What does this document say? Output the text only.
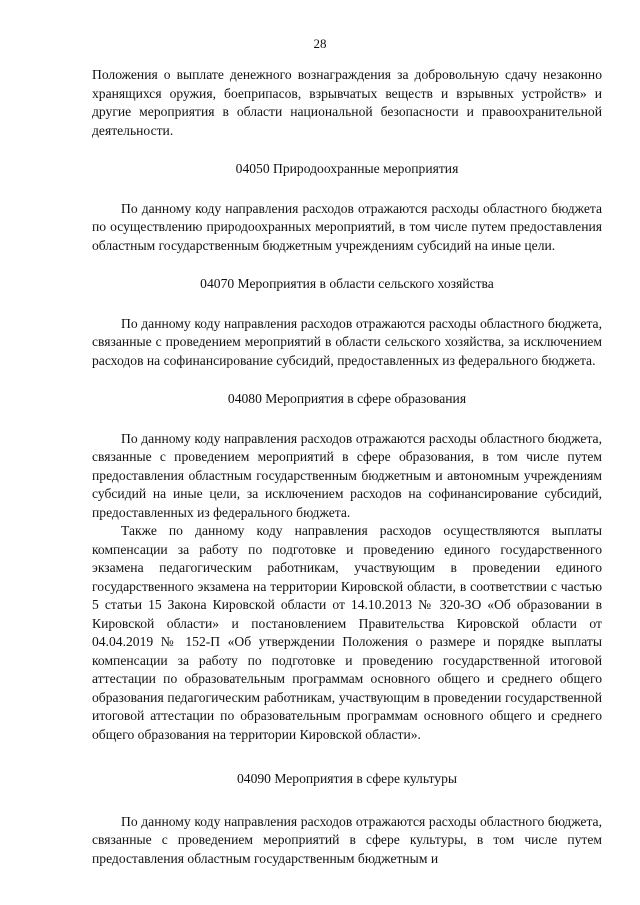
28

Положения о выплате денежного вознаграждения за добровольную сдачу незаконно хранящихся оружия, боеприпасов, взрывчатых веществ и взрывных устройств» и другие мероприятия в области национальной безопасности и правоохранительной деятельности.

04050 Природоохранные мероприятия

По данному коду направления расходов отражаются расходы областного бюджета по осуществлению природоохранных мероприятий, в том числе путем предоставления областным государственным бюджетным учреждениям субсидий на иные цели.

04070 Мероприятия в области сельского хозяйства

По данному коду направления расходов отражаются расходы областного бюджета, связанные с проведением мероприятий в области сельского хозяйства, за исключением расходов на софинансирование субсидий, предоставленных из федерального бюджета.

04080 Мероприятия в сфере образования

По данному коду направления расходов отражаются расходы областного бюджета, связанные с проведением мероприятий в сфере образования, в том числе путем предоставления областным государственным бюджетным и автономным учреждениям субсидий на иные цели, за исключением расходов на софинансирование субсидий, предоставленных из федерального бюджета.

Также по данному коду направления расходов осуществляются выплаты компенсации за работу по подготовке и проведению единого государственного экзамена педагогическим работникам, участвующим в проведении единого государственного экзамена на территории Кировской области, в соответствии с частью 5 статьи 15 Закона Кировской области от 14.10.2013 № 320-ЗО «Об образовании в Кировской области» и постановлением Правительства Кировской области от 04.04.2019 № 152-П «Об утверждении Положения о размере и порядке выплаты компенсации за работу по подготовке и проведению государственной итоговой аттестации по образовательным программам основного общего и среднего общего образования педагогическим работникам, участвующим в проведении государственной итоговой аттестации по образовательным программам основного общего и среднего общего образования на территории Кировской области».

04090 Мероприятия в сфере культуры

По данному коду направления расходов отражаются расходы областного бюджета, связанные с проведением мероприятий в сфере культуры, в том числе путем предоставления областным государственным бюджетным и
